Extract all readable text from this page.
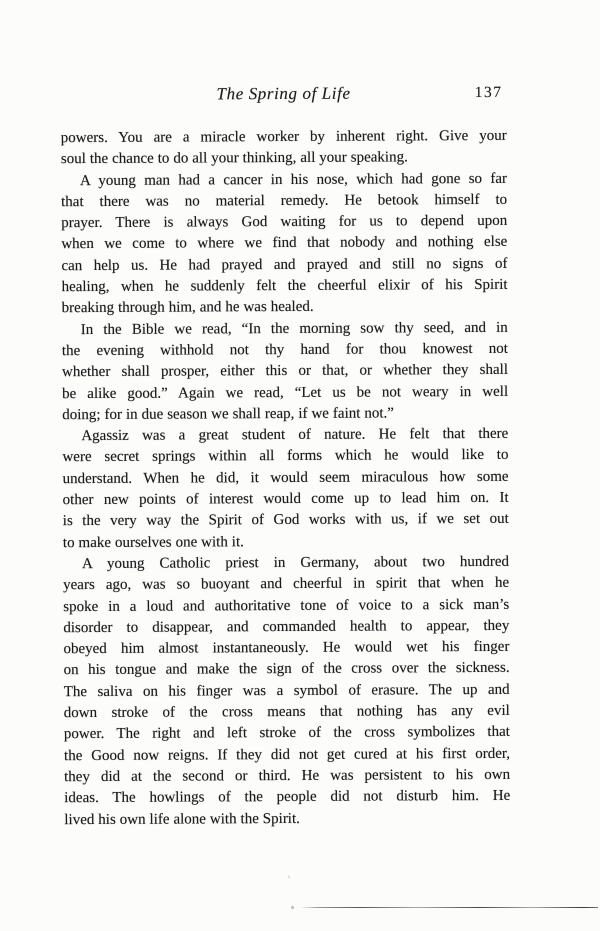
The Spring of Life	137
powers. You are a miracle worker by inherent right. Give your
soul the chance to do all your thinking, all your speaking.
A young man had a cancer in his nose, which had gone so far
that there was no material remedy. He betook himself to
prayer. There is always God waiting for us to depend upon
when we come to where we find that nobody and nothing else
can help us. He had prayed and prayed and still no signs of
healing, when he suddenly felt the cheerful elixir of his Spirit
breaking through him, and he was healed.
In the Bible we read, “In the morning sow thy seed, and in
the evening withhold not thy hand for thou knowest not
whether shall prosper, either this or that, or whether they shall
be alike good.” Again we read, “Let us be not weary in well
doing; for in due season we shall reap, if we faint not.”
Agassiz was a great student of nature. He felt that there
were secret springs within all forms which he would like to
understand. When he did, it would seem miraculous how some
other new points of interest would come up to lead him on. It
is the very way the Spirit of God works with us, if we set out
to make ourselves one with it.
A young Catholic priest in Germany, about two hundred
years ago, was so buoyant and cheerful in spirit that when he
spoke in a loud and authoritative tone of voice to a sick man’s
disorder to disappear, and commanded health to appear, they
obeyed him almost instantaneously. He would wet his finger
on his tongue and make the sign of the cross over the sickness.
The saliva on his finger was a symbol of erasure. The up and
down stroke of the cross means that nothing has any evil
power. The right and left stroke of the cross symbolizes that
the Good now reigns. If they did not get cured at his first order,
they did at the second or third. He was persistent to his own
ideas. The howlings of the people did not disturb him. He
lived his own life alone with the Spirit.
